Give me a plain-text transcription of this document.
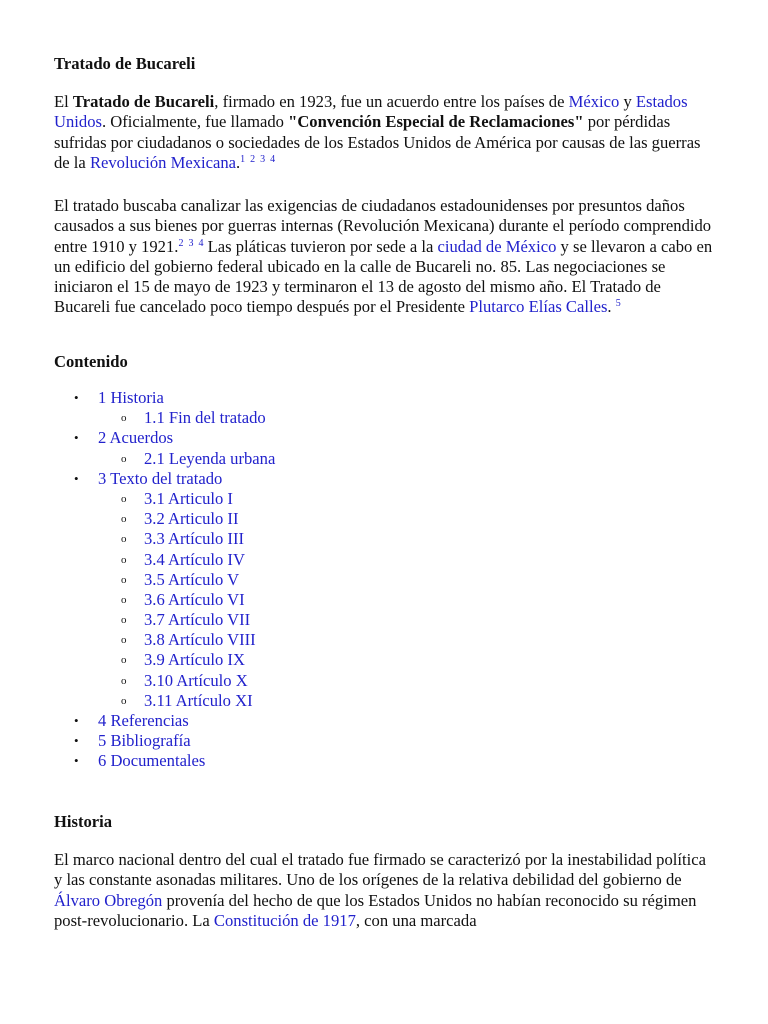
Tratado de Bucareli

El Tratado de Bucareli, firmado en 1923, fue un acuerdo entre los países de México y Estados Unidos. Oficialmente, fue llamado "Convención Especial de Reclamaciones" por pérdidas sufridas por ciudadanos o sociedades de los Estados Unidos de América por causas de las guerras de la Revolución Mexicana.$^{1 2 3 4}$

El tratado buscaba canalizar las exigencias de ciudadanos estadounidenses por presuntos daños causados a sus bienes por guerras internas (Revolución Mexicana) durante el período comprendido entre 1910 y 1921.$^{2 3 4}$ Las pláticas tuvieron por sede a la ciudad de México y se llevaron a cabo en un edificio del gobierno federal ubicado en la calle de Bucareli no. 85. Las negociaciones se iniciaron el 15 de mayo de 1923 y terminaron el 13 de agosto del mismo año. El Tratado de Bucareli fue cancelado poco tiempo después por el Presidente Plutarco Elías Calles. $^5$

Contenido
• 1 Historia
o 1.1 Fin del tratado
• 2 Acuerdos
o 2.1 Leyenda urbana
• 3 Texto del tratado
o 3.1 Articulo I
o 3.2 Articulo II
o 3.3 Artículo III
o 3.4 Artículo IV
o 3.5 Artículo V
o 3.6 Artículo VI
o 3.7 Artículo VII
o 3.8 Artículo VIII
o 3.9 Artículo IX
o 3.10 Artículo X
o 3.11 Artículo XI
• 4 Referencias
• 5 Bibliografía
• 6 Documentales
Historia

El marco nacional dentro del cual el tratado fue firmado se caracterizó por la inestabilidad política y las constante asonadas militares. Uno de los orígenes de la relativa debilidad del gobierno de Álvaro Obregón provenía del hecho de que los Estados Unidos no habían reconocido su régimen post-revolucionario. La Constitución de 1917, con una marcada
